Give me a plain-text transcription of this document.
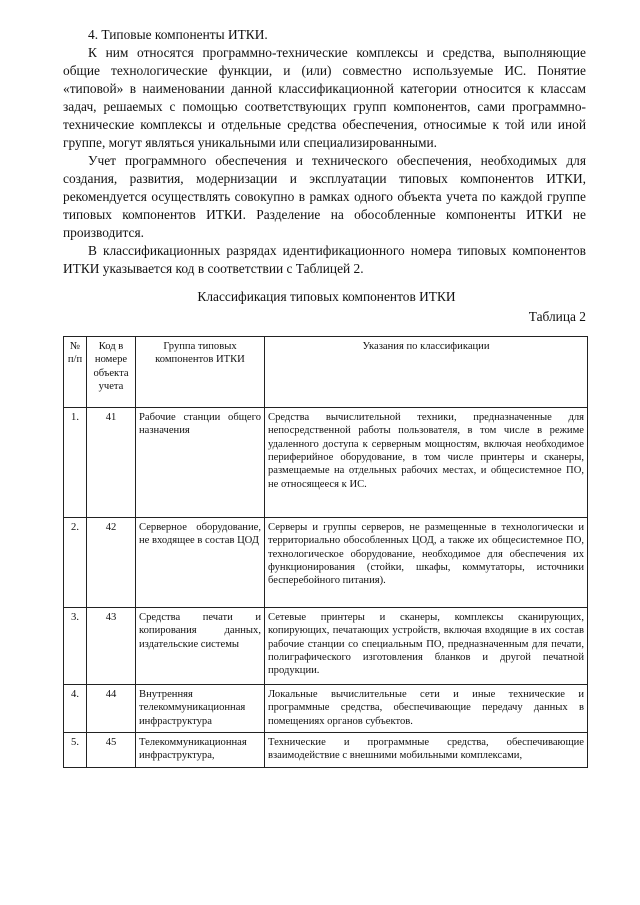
4. Типовые компоненты ИТКИ.

К ним относятся программно-технические комплексы и средства, выполняющие общие технологические функции, и (или) совместно используемые ИС. Понятие «типовой» в наименовании данной классификационной категории относится к классам задач, решаемых с помощью соответствующих групп компонентов, сами программно-технические комплексы и отдельные средства обеспечения, относимые к той или иной группе, могут являться уникальными или специализированными.

Учет программного обеспечения и технического обеспечения, необходимых для создания, развития, модернизации и эксплуатации типовых компонентов ИТКИ, рекомендуется осуществлять совокупно в рамках одного объекта учета по каждой группе типовых компонентов ИТКИ. Разделение на обособленные компоненты ИТКИ не производится.

В классификационных разрядах идентификационного номера типовых компонентов ИТКИ указывается код в соответствии с Таблицей 2.

Классификация типовых компонентов ИТКИ

Таблица 2

№ п/п	Код в номере объекта учета	Группа типовых компонентов ИТКИ	Указания по классификации
1.	41	Рабочие станции общего назначения	Средства вычислительной техники, предназначенные для непосредственной работы пользователя, в том числе в режиме удаленного доступа к серверным мощностям, включая необходимое периферийное оборудование, в том числе принтеры и сканеры, размещаемые на отдельных рабочих местах, и общесистемное ПО, не относящееся к ИС.
2.	42	Серверное оборудование, не входящее в состав ЦОД	Серверы и группы серверов, не размещенные в технологически и территориально обособленных ЦОД, а также их общесистемное ПО, технологическое оборудование, необходимое для обеспечения их функционирования (стойки, шкафы, коммутаторы, источники бесперебойного питания).
3.	43	Средства печати и копирования данных, издательские системы	Сетевые принтеры и сканеры, комплексы сканирующих, копирующих, печатающих устройств, включая входящие в их состав рабочие станции со специальным ПО, предназначенным для печати, полиграфического изготовления бланков и другой печатной продукции.
4.	44	Внутренняя телекоммуникационная инфраструктура	Локальные вычислительные сети и иные технические и программные средства, обеспечивающие передачу данных в помещениях органов субъектов.
5.	45	Телекоммуникационная инфраструктура,	Технические и программные средства, обеспечивающие взаимодействие с внешними мобильными комплексами,
